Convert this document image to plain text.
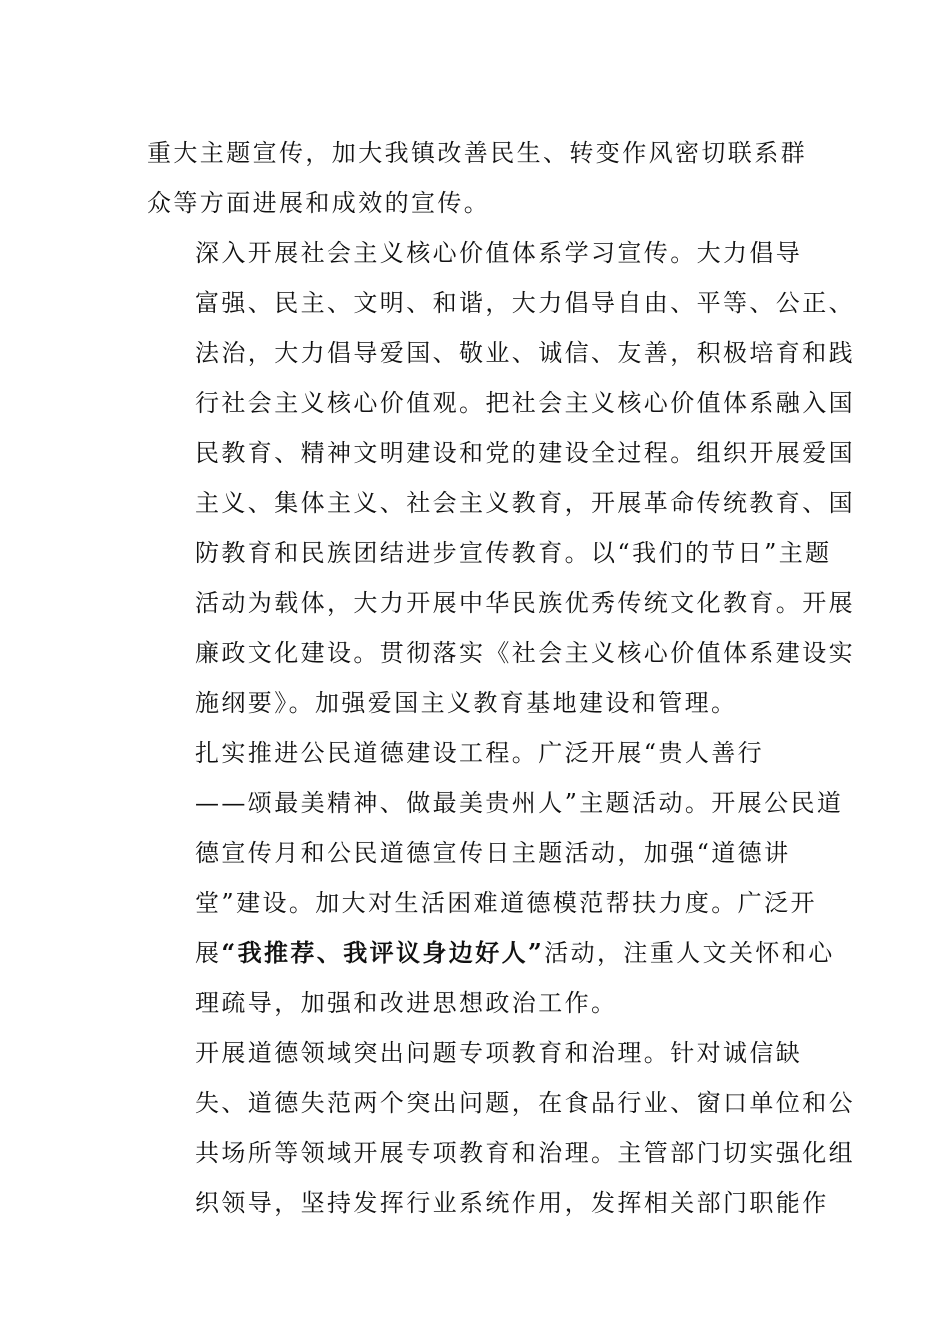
重大主题宣传，加大我镇改善民生、转变作风密切联系群
众等方面进展和成效的宣传。

深入开展社会主义核心价值体系学习宣传。大力倡导
富强、民主、文明、和谐，大力倡导自由、平等、公正、
法治，大力倡导爱国、敬业、诚信、友善，积极培育和践
行社会主义核心价值观。把社会主义核心价值体系融入国
民教育、精神文明建设和党的建设全过程。组织开展爱国
主义、集体主义、社会主义教育，开展革命传统教育、国
防教育和民族团结进步宣传教育。以“我们的节日”主题
活动为载体，大力开展中华民族优秀传统文化教育。开展
廉政文化建设。贯彻落实《社会主义核心价值体系建设实
施纲要》。加强爱国主义教育基地建设和管理。

扎实推进公民道德建设工程。广泛开展“贵人善行
——颂最美精神、做最美贵州人”主题活动。开展公民道
德宣传月和公民道德宣传日主题活动，加强“道德讲
堂”建设。加大对生活困难道德模范帮扶力度。广泛开
展“我推荐、我评议身边好人”活动，注重人文关怀和心
理疏导，加强和改进思想政治工作。

开展道德领域突出问题专项教育和治理。针对诚信缺
失、道德失范两个突出问题，在食品行业、窗口单位和公
共场所等领域开展专项教育和治理。主管部门切实强化组
织领导，坚持发挥行业系统作用，发挥相关部门职能作
